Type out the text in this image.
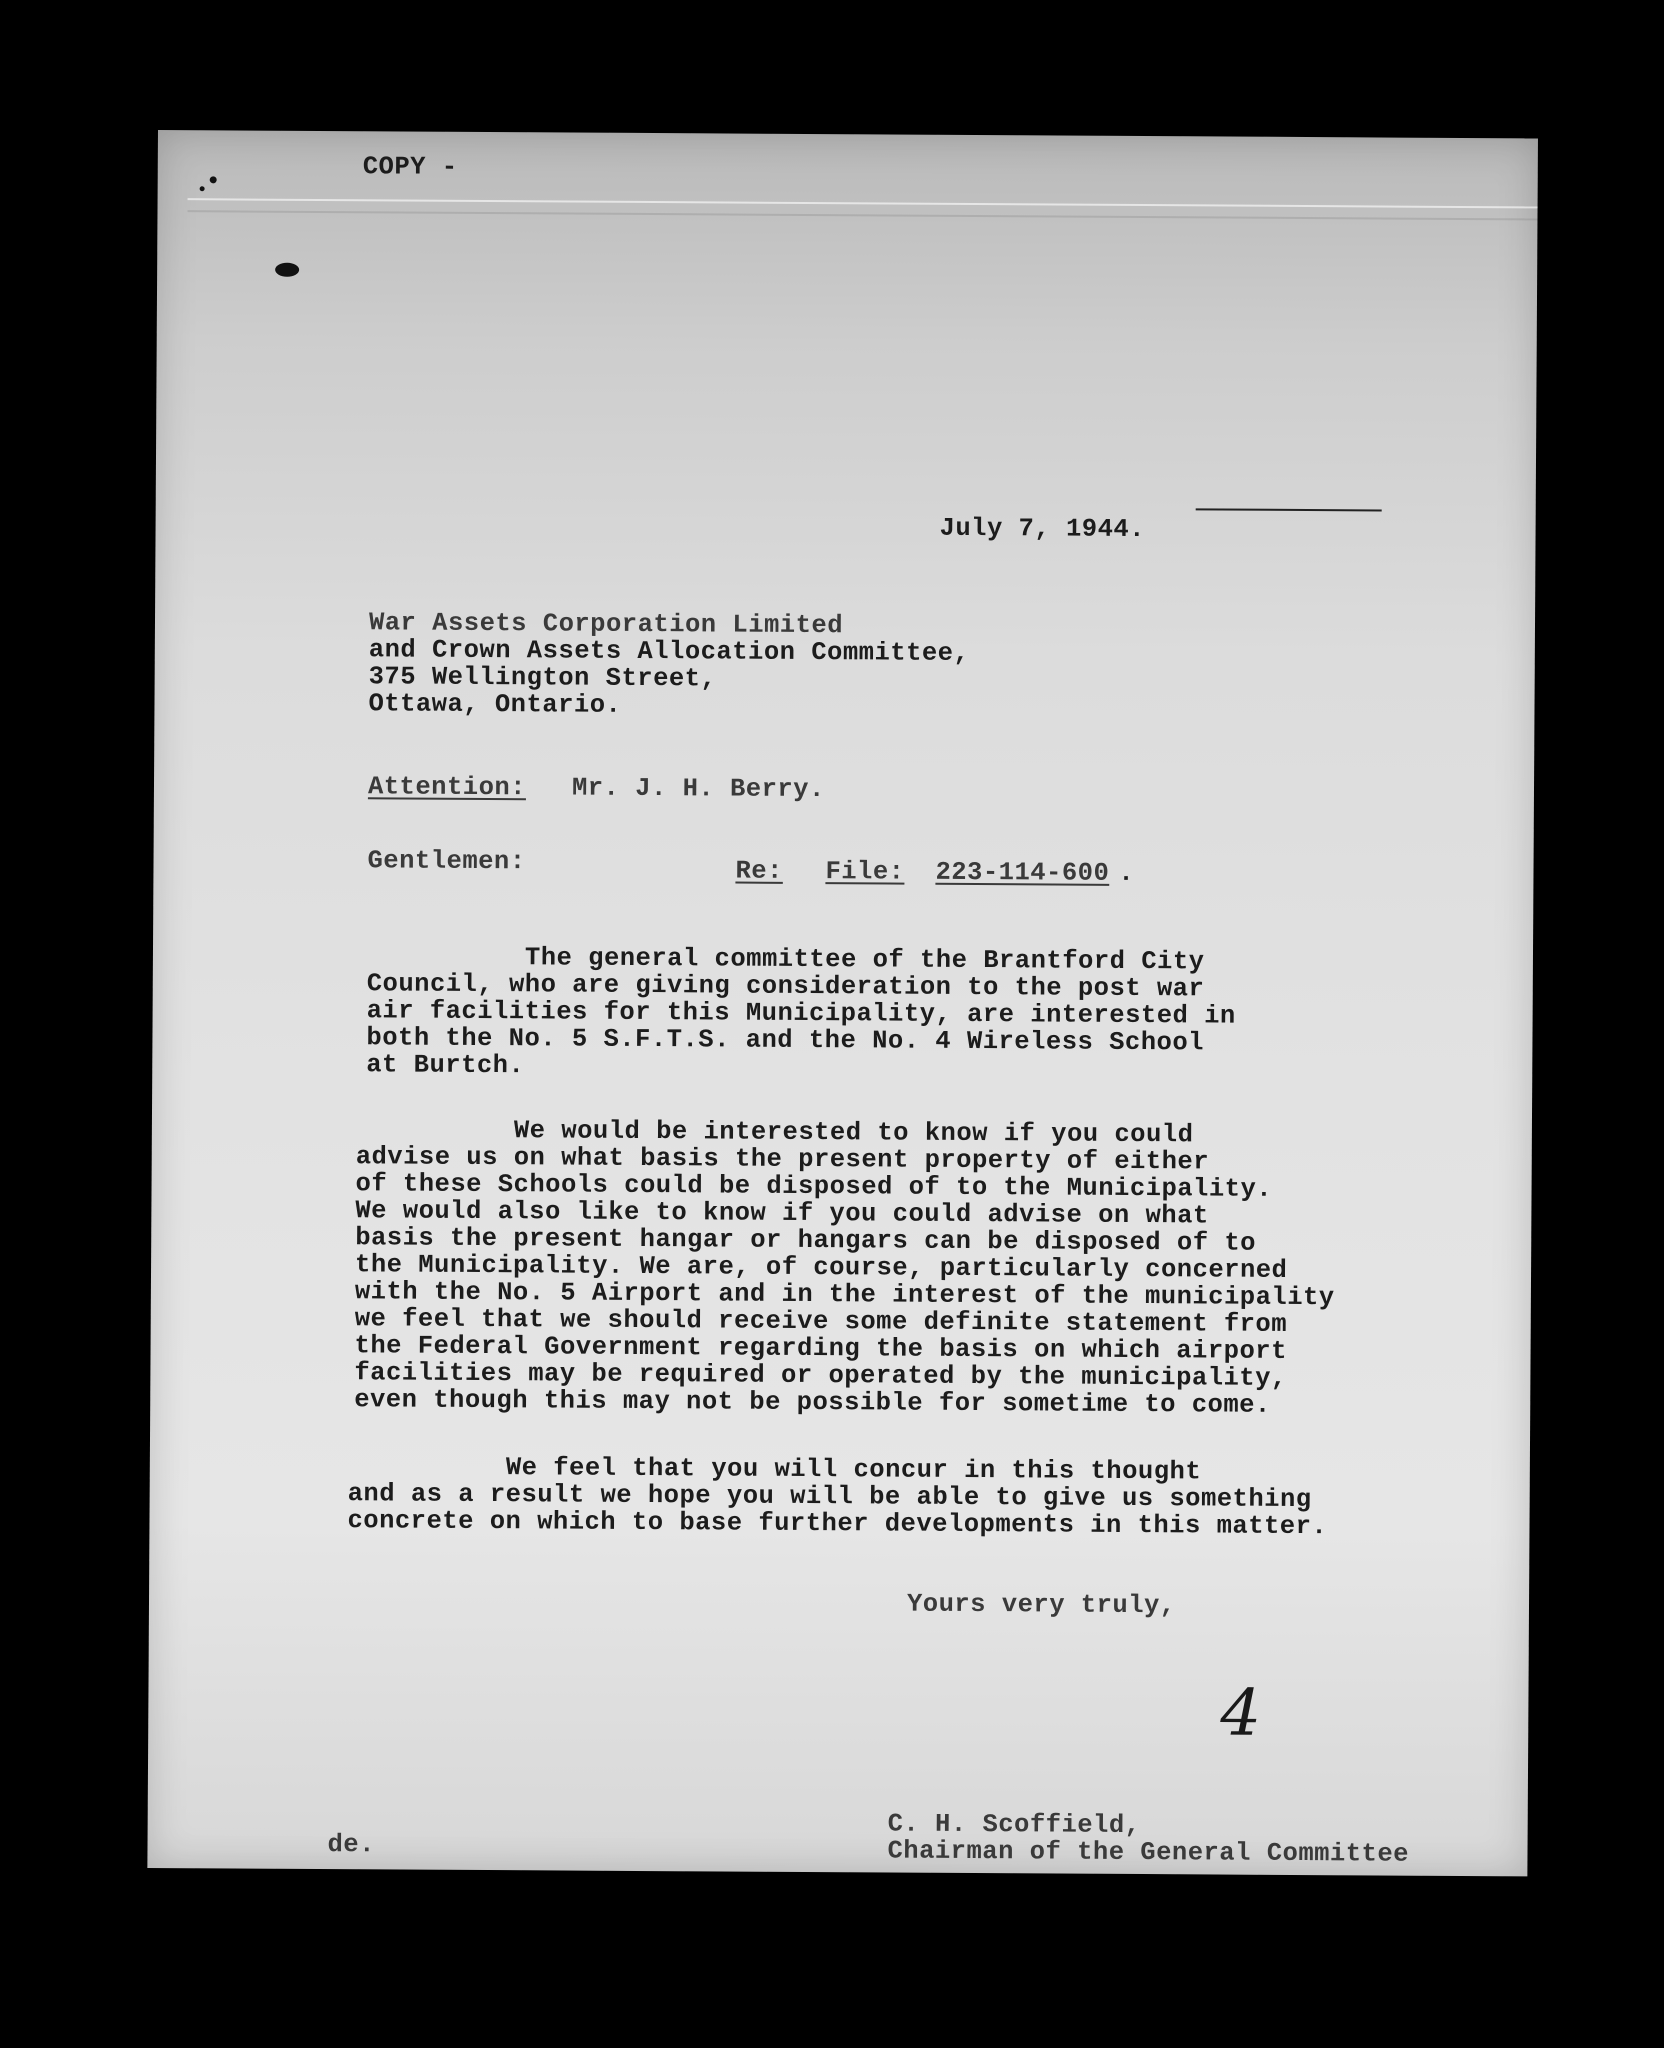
COPY -
July 7, 1944.
War Assets Corporation Limited
and Crown Assets Allocation Committee,
375 Wellington Street,
Ottawa, Ontario.
Attention: Mr. J. H. Berry.
Gentlemen:	Re: File: 223-114-600 .
The general committee of the Brantford City
Council, who are giving consideration to the post war
air facilities for this Municipality, are interested in
both the No. 5 S.F.T.S. and the No. 4 Wireless School
at Burtch.
We would be interested to know if you could
advise us on what basis the present property of either
of these Schools could be disposed of to the Municipality.
We would also like to know if you could advise on what
basis the present hangar or hangars can be disposed of to
the Municipality. We are, of course, particularly concerned
with the No. 5 Airport and in the interest of the municipality
we feel that we should receive some definite statement from
the Federal Government regarding the basis on which airport
facilities may be required or operated by the municipality,
even though this may not be possible for sometime to come.
We feel that you will concur in this thought
and as a result we hope you will be able to give us something
concrete on which to base further developments in this matter.
Yours very truly,
4
de.
C. H. Scoffield,
Chairman of the General Committee
